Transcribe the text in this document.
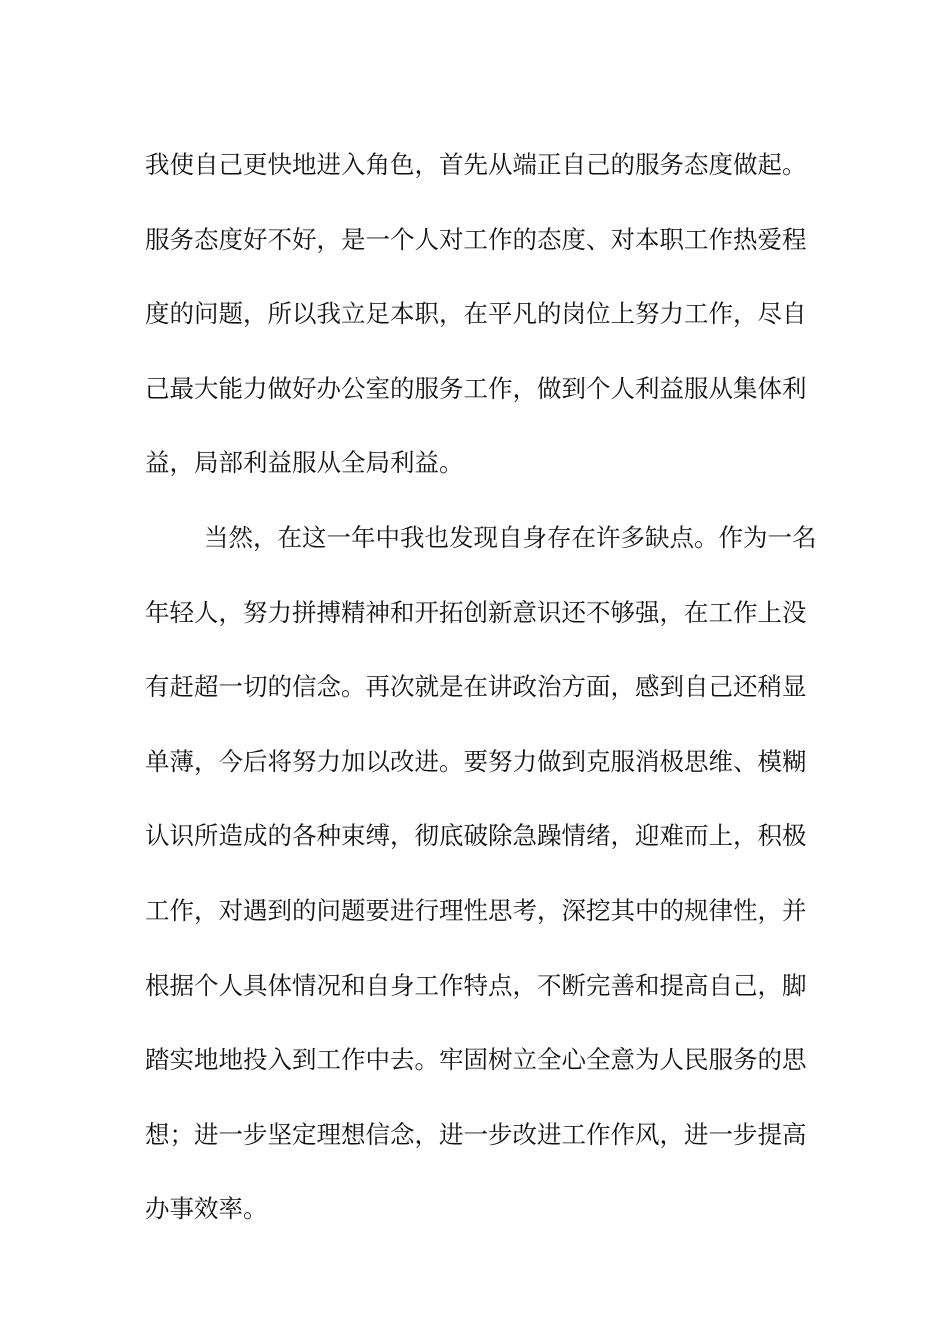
我使自己更快地进入角色，首先从端正自己的服务态度做起。
服务态度好不好，是一个人对工作的态度、对本职工作热爱程
度的问题，所以我立足本职，在平凡的岗位上努力工作，尽自
己最大能力做好办公室的服务工作，做到个人利益服从集体利
益，局部利益服从全局利益。
当然，在这一年中我也发现自身存在许多缺点。作为一名
年轻人，努力拼搏精神和开拓创新意识还不够强，在工作上没
有赶超一切的信念。再次就是在讲政治方面，感到自己还稍显
单薄，今后将努力加以改进。要努力做到克服消极思维、模糊
认识所造成的各种束缚，彻底破除急躁情绪，迎难而上，积极
工作，对遇到的问题要进行理性思考，深挖其中的规律性，并
根据个人具体情况和自身工作特点，不断完善和提高自己，脚
踏实地地投入到工作中去。牢固树立全心全意为人民服务的思
想；进一步坚定理想信念，进一步改进工作作风，进一步提高
办事效率。
